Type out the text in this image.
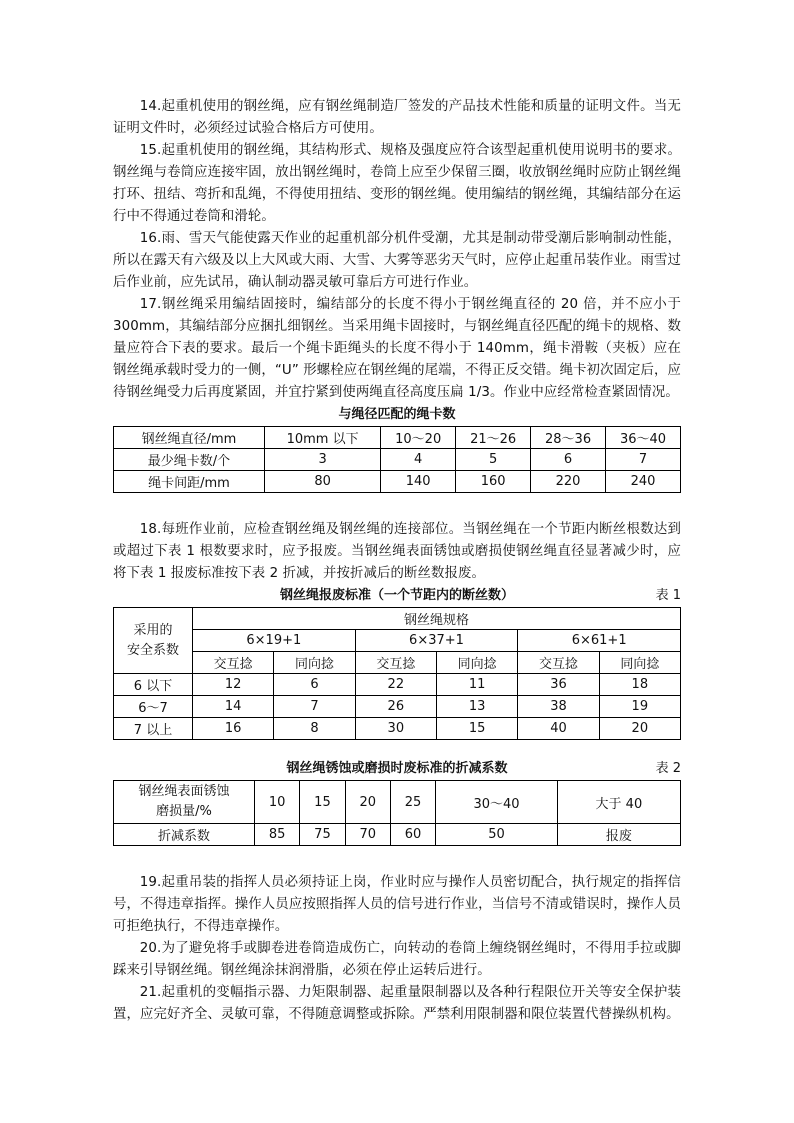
14.起重机使用的钢丝绳，应有钢丝绳制造厂签发的产品技术性能和质量的证明文件。当无证明文件时，必须经过试验合格后方可使用。

15.起重机使用的钢丝绳，其结构形式、规格及强度应符合该型起重机使用说明书的要求。钢丝绳与卷筒应连接牢固，放出钢丝绳时，卷筒上应至少保留三圈，收放钢丝绳时应防止钢丝绳打环、扭结、弯折和乱绳，不得使用扭结、变形的钢丝绳。使用编结的钢丝绳，其编结部分在运行中不得通过卷筒和滑轮。

16.雨、雪天气能使露天作业的起重机部分机件受潮，尤其是制动带受潮后影响制动性能，所以在露天有六级及以上大风或大雨、大雪、大雾等恶劣天气时，应停止起重吊装作业。雨雪过后作业前，应先试吊，确认制动器灵敏可靠后方可进行作业。

17.钢丝绳采用编结固接时，编结部分的长度不得小于钢丝绳直径的 20 倍，并不应小于 300mm，其编结部分应捆扎细钢丝。当采用绳卡固接时，与钢丝绳直径匹配的绳卡的规格、数量应符合下表的要求。最后一个绳卡距绳头的长度不得小于 140mm，绳卡滑鞍（夹板）应在钢丝绳承载时受力的一侧，“U” 形螺栓应在钢丝绳的尾端，不得正反交错。绳卡初次固定后，应待钢丝绳受力后再度紧固，并宜拧紧到使两绳直径高度压扁 1/3。作业中应经常检查紧固情况。

与绳径匹配的绳卡数
钢丝绳直径/mm	10mm 以下	10～20	21～26	28～36	36～40
最少绳卡数/个	3	4	5	6	7
绳卡间距/mm	80	140	160	220	240

18.每班作业前，应检查钢丝绳及钢丝绳的连接部位。当钢丝绳在一个节距内断丝根数达到或超过下表 1 根数要求时，应予报废。当钢丝绳表面锈蚀或磨损使钢丝绳直径显著减少时，应将下表 1 报废标准按下表 2 折减，并按折减后的断丝数报废。

钢丝绳报废标准（一个节距内的断丝数）	表 1
采用的
安全系数	钢丝绳规格					
	6×19+1		6×37+1		6×61+1	
	交互捻	同向捻	交互捻	同向捻	交互捻	同向捻
6 以下	12	6	22	11	36	18
6～7	14	7	26	13	38	19
7 以上	16	8	30	15	40	20
钢丝绳锈蚀或磨损时废标准的折减系数	表 2
钢丝绳表面锈蚀
磨损量/%	10	15	20	25	30～40	大于 40
折减系数	85	75	70	60	50	报废

19.起重吊装的指挥人员必须持证上岗，作业时应与操作人员密切配合，执行规定的指挥信号，不得违章指挥。操作人员应按照指挥人员的信号进行作业，当信号不清或错误时，操作人员可拒绝执行，不得违章操作。

20.为了避免将手或脚卷进卷筒造成伤亡，向转动的卷筒上缠绕钢丝绳时，不得用手拉或脚踩来引导钢丝绳。钢丝绳涂抹润滑脂，必须在停止运转后进行。

21.起重机的变幅指示器、力矩限制器、起重量限制器以及各种行程限位开关等安全保护装置，应完好齐全、灵敏可靠，不得随意调整或拆除。严禁利用限制器和限位装置代替操纵机构。
